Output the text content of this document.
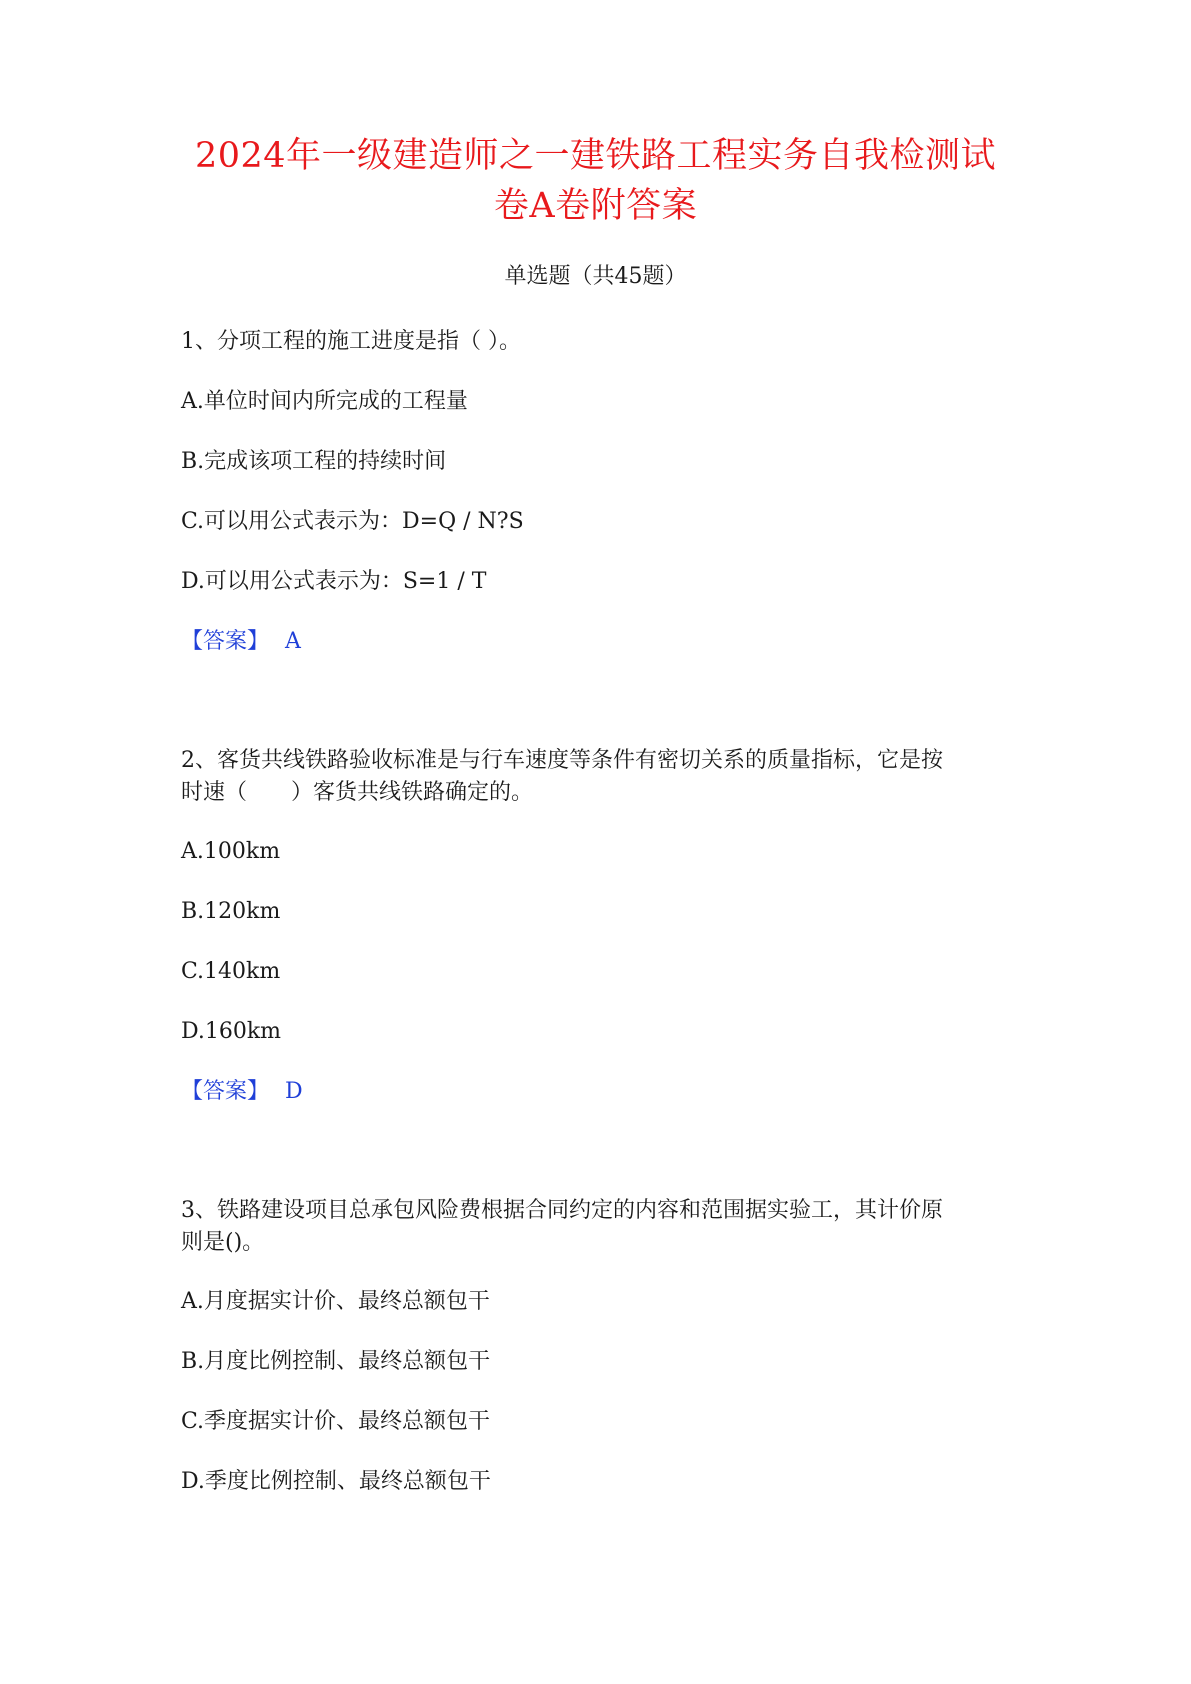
2024年一级建造师之一建铁路工程实务自我检测试
卷A卷附答案
单选题（共45题）
1、分项工程的施工进度是指（ ）。
A.单位时间内所完成的工程量
B.完成该项工程的持续时间
C.可以用公式表示为：D=Q / N?S
D.可以用公式表示为：S=1 / T
【答案】 A
2、客货共线铁路验收标准是与行车速度等条件有密切关系的质量指标，它是按
时速（　　）客货共线铁路确定的。
A.100km
B.120km
C.140km
D.160km
【答案】 D
3、铁路建设项目总承包风险费根据合同约定的内容和范围据实验工，其计价原
则是()。
A.月度据实计价、最终总额包干
B.月度比例控制、最终总额包干
C.季度据实计价、最终总额包干
D.季度比例控制、最终总额包干
